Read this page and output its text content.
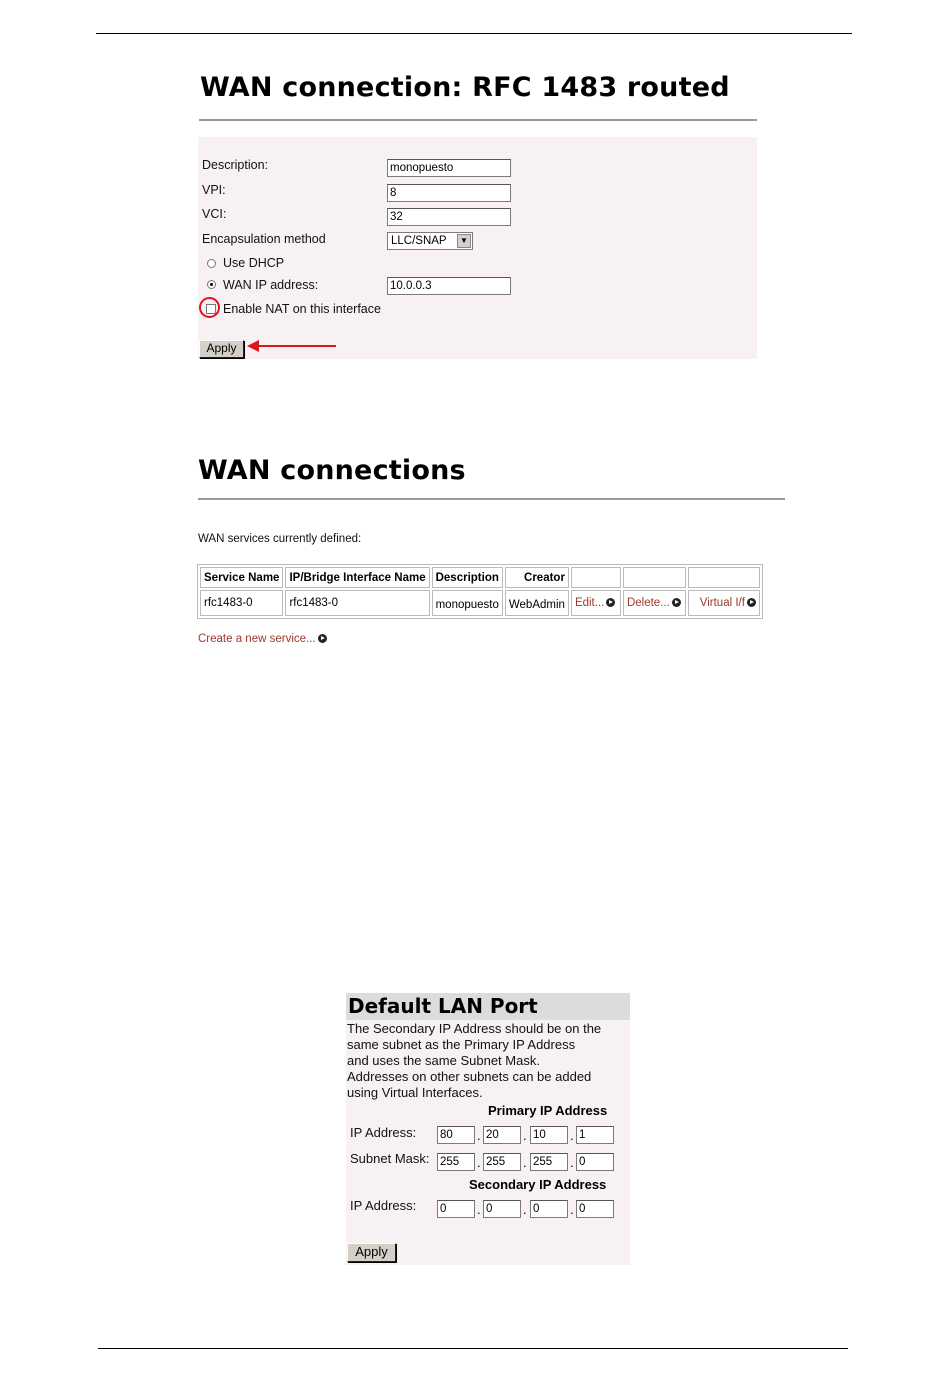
WAN connection: RFC 1483 routed
Description:	monopuesto
VPI:	8
VCI:	32
Encapsulation method	LLC/SNAP	▼
Use DHCP
WAN IP address:	10.0.0.3
Enable NAT on this interface
Apply
WAN connections
WAN services currently defined:
Service Name	IP/Bridge Interface Name	Description	Creator			
rfc1483-0	rfc1483-0	monopuesto	WebAdmin	Edit...	Delete...	Virtual I/f
Create a new service...
Default LAN Port
The Secondary IP Address should be on the
same subnet as the Primary IP Address
and uses the same Subnet Mask.
Addresses on other subnets can be added
using Virtual Interfaces.
Primary IP Address
IP Address: 80	. 20	. 10	. 1
Subnet Mask: 255	. 255	. 255	. 0
Secondary IP Address
IP Address: 0	. 0	. 0	. 0
Apply
